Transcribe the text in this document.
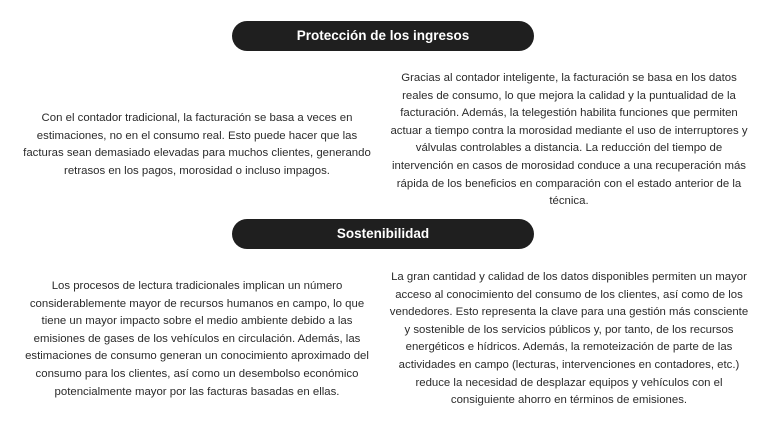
Protección de los ingresos
Con el contador tradicional, la facturación se basa a veces en estimaciones, no en el consumo real. Esto puede hacer que las facturas sean demasiado elevadas para muchos clientes, generando retrasos en los pagos, morosidad o incluso impagos.
Gracias al contador inteligente, la facturación se basa en los datos reales de consumo, lo que mejora la calidad y la puntualidad de la facturación. Además, la telegestión habilita funciones que permiten actuar a tiempo contra la morosidad mediante el uso de interruptores y válvulas controlables a distancia. La reducción del tiempo de intervención en casos de morosidad conduce a una recuperación más rápida de los beneficios en comparación con el estado anterior de la técnica.
Sostenibilidad
Los procesos de lectura tradicionales implican un número considerablemente mayor de recursos humanos en campo, lo que tiene un mayor impacto sobre el medio ambiente debido a las emisiones de gases de los vehículos en circulación. Además, las estimaciones de consumo generan un conocimiento aproximado del consumo para los clientes, así como un desembolso económico potencialmente mayor por las facturas basadas en ellas.
La gran cantidad y calidad de los datos disponibles permiten un mayor acceso al conocimiento del consumo de los clientes, así como de los vendedores. Esto representa la clave para una gestión más consciente y sostenible de los servicios públicos y, por tanto, de los recursos energéticos e hídricos. Además, la remoteización de parte de las actividades en campo (lecturas, intervenciones en contadores, etc.) reduce la necesidad de desplazar equipos y vehículos con el consiguiente ahorro en términos de emisiones.
